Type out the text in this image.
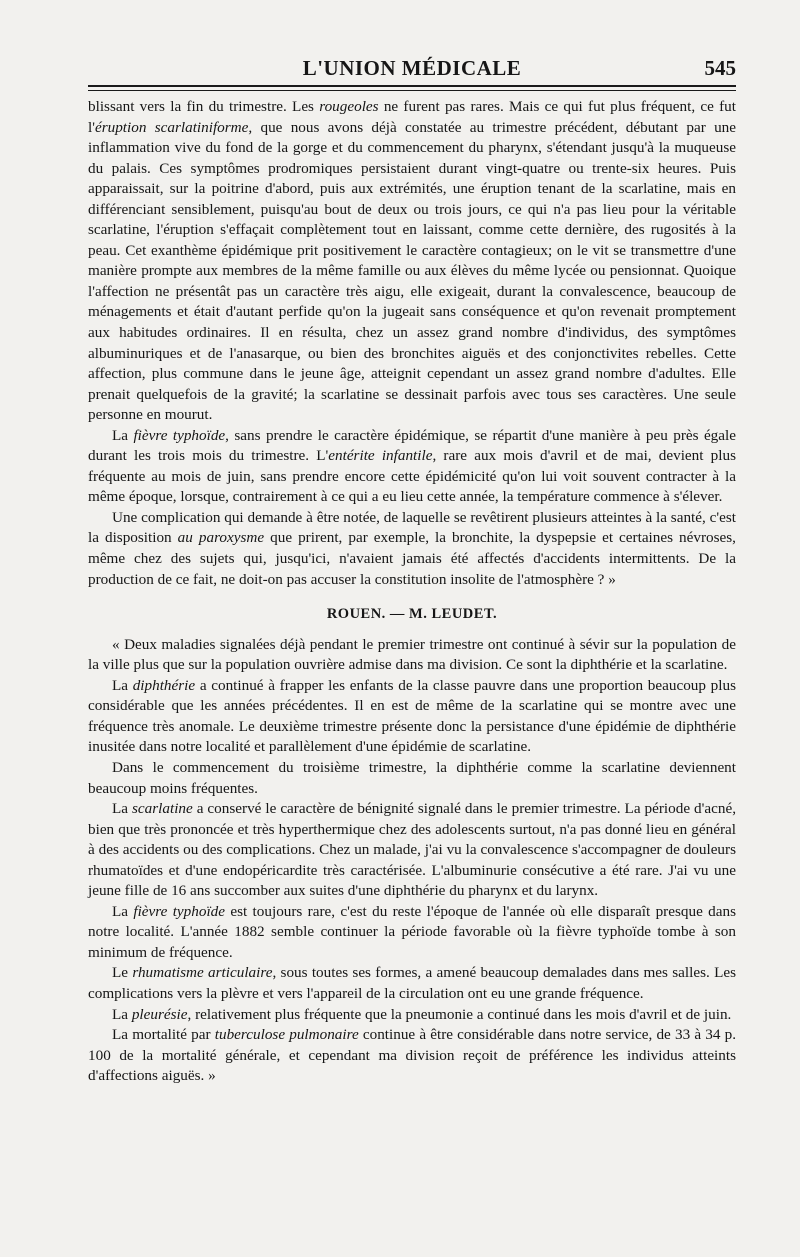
L'UNION MÉDICALE	545

blissant vers la fin du trimestre. Les rougeoles ne furent pas rares. Mais ce qui fut plus fréquent, ce fut l'éruption scarlatiniforme, que nous avons déjà constatée au trimestre précédent, débutant par une inflammation vive du fond de la gorge et du commencement du pharynx, s'étendant jusqu'à la muqueuse du palais. Ces symptômes prodromiques persistaient durant vingt-quatre ou trente-six heures. Puis apparaissait, sur la poitrine d'abord, puis aux extrémités, une éruption tenant de la scarlatine, mais en différenciant sensiblement, puisqu'au bout de deux ou trois jours, ce qui n'a pas lieu pour la véritable scarlatine, l'éruption s'effaçait complètement tout en laissant, comme cette dernière, des rugosités à la peau. Cet exanthème épidémique prit positivement le caractère contagieux; on le vit se transmettre d'une manière prompte aux membres de la même famille ou aux élèves du même lycée ou pensionnat. Quoique l'affection ne présentât pas un caractère très aigu, elle exigeait, durant la convalescence, beaucoup de ménagements et était d'autant perfide qu'on la jugeait sans conséquence et qu'on revenait promptement aux habitudes ordinaires. Il en résulta, chez un assez grand nombre d'individus, des symptômes albuminuriques et de l'anasarque, ou bien des bronchites aiguës et des conjonctivites rebelles. Cette affection, plus commune dans le jeune âge, atteignit cependant un assez grand nombre d'adultes. Elle prenait quelquefois de la gravité; la scarlatine se dessinait parfois avec tous ses caractères. Une seule personne en mourut.

La fièvre typhoïde, sans prendre le caractère épidémique, se répartit d'une manière à peu près égale durant les trois mois du trimestre. L'entérite infantile, rare aux mois d'avril et de mai, devient plus fréquente au mois de juin, sans prendre encore cette épidémicité qu'on lui voit souvent contracter à la même époque, lorsque, contrairement à ce qui a eu lieu cette année, la température commence à s'élever.

Une complication qui demande à être notée, de laquelle se revêtirent plusieurs atteintes à la santé, c'est la disposition au paroxysme que prirent, par exemple, la bronchite, la dyspepsie et certaines névroses, même chez des sujets qui, jusqu'ici, n'avaient jamais été affectés d'accidents intermittents. De la production de ce fait, ne doit-on pas accuser la constitution insolite de l'atmosphère ? »

ROUEN. — M. LEUDET.

« Deux maladies signalées déjà pendant le premier trimestre ont continué à sévir sur la population de la ville plus que sur la population ouvrière admise dans ma division. Ce sont la diphthérie et la scarlatine.

La diphthérie a continué à frapper les enfants de la classe pauvre dans une proportion beaucoup plus considérable que les années précédentes. Il en est de même de la scarlatine qui se montre avec une fréquence très anomale. Le deuxième trimestre présente donc la persistance d'une épidémie de diphthérie inusitée dans notre localité et parallèlement d'une épidémie de scarlatine.

Dans le commencement du troisième trimestre, la diphthérie comme la scarlatine deviennent beaucoup moins fréquentes.

La scarlatine a conservé le caractère de bénignité signalé dans le premier trimestre. La période d'acné, bien que très prononcée et très hyperthermique chez des adolescents surtout, n'a pas donné lieu en général à des accidents ou des complications. Chez un malade, j'ai vu la convalescence s'accompagner de douleurs rhumatoïdes et d'une endopéricardite très caractérisée. L'albuminurie consécutive a été rare. J'ai vu une jeune fille de 16 ans succomber aux suites d'une diphthérie du pharynx et du larynx.

La fièvre typhoïde est toujours rare, c'est du reste l'époque de l'année où elle disparaît presque dans notre localité. L'année 1882 semble continuer la période favorable où la fièvre typhoïde tombe à son minimum de fréquence.

Le rhumatisme articulaire, sous toutes ses formes, a amené beaucoup demalades dans mes salles. Les complications vers la plèvre et vers l'appareil de la circulation ont eu une grande fréquence.

La pleurésie, relativement plus fréquente que la pneumonie a continué dans les mois d'avril et de juin.

La mortalité par tuberculose pulmonaire continue à être considérable dans notre service, de 33 à 34 p. 100 de la mortalité générale, et cependant ma division reçoit de préférence les individus atteints d'affections aiguës. »
